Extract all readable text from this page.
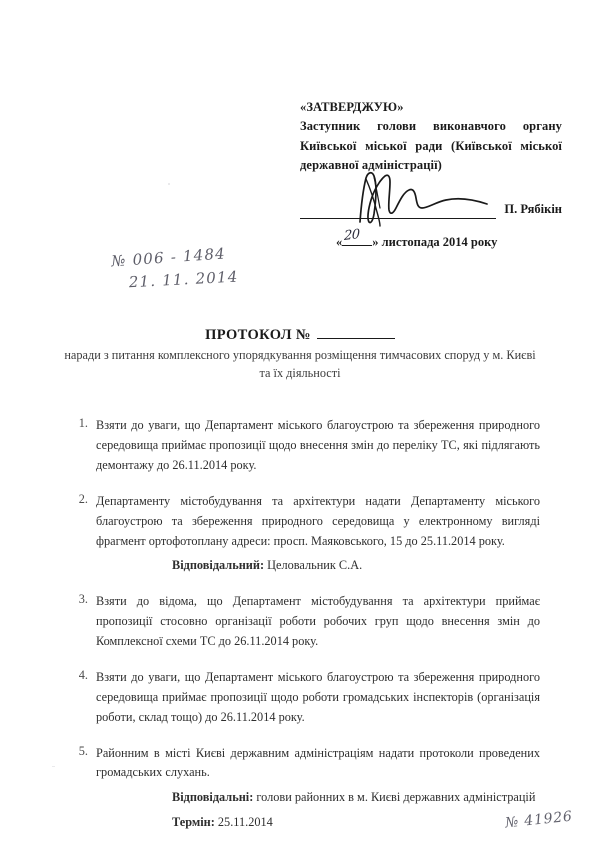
«ЗАТВЕРДЖУЮ»
Заступник голови виконавчого органу
Київської міської ради (Київської міської
державної адміністрації)
П. Рябікін
« 20 » листопада 2014 року
№ 006 - 1484
21. 11. 2014
ПРОТОКОЛ №
наради з питання комплексного упорядкування розміщення тимчасових споруд у м. Києві та їх діяльності
1. Взяти до уваги, що Департамент міського благоустрою та збереження природного середовища приймає пропозиції щодо внесення змін до переліку ТС, які підлягають демонтажу до 26.11.2014 року.
2. Департаменту містобудування та архітектури надати Департаменту міського благоустрою та збереження природного середовища у електронному вигляді фрагмент ортофотоплану адреси: просп. Маяковського, 15 до 25.11.2014 року.
Відповідальний: Целовальник С.А.
3. Взяти до відома, що Департамент містобудування та архітектури приймає пропозиції стосовно організації роботи робочих груп щодо внесення змін до Комплексної схеми ТС до 26.11.2014 року.
4. Взяти до уваги, що Департамент міського благоустрою та збереження природного середовища приймає пропозиції щодо роботи громадських інспекторів (організація роботи, склад тощо) до 26.11.2014 року.
5. Районним в місті Києві державним адміністраціям надати протоколи проведених громадських слухань.
Відповідальні: голови районних в м. Києві державних адміністрацій
Термін: 25.11.2014	№ 41926
